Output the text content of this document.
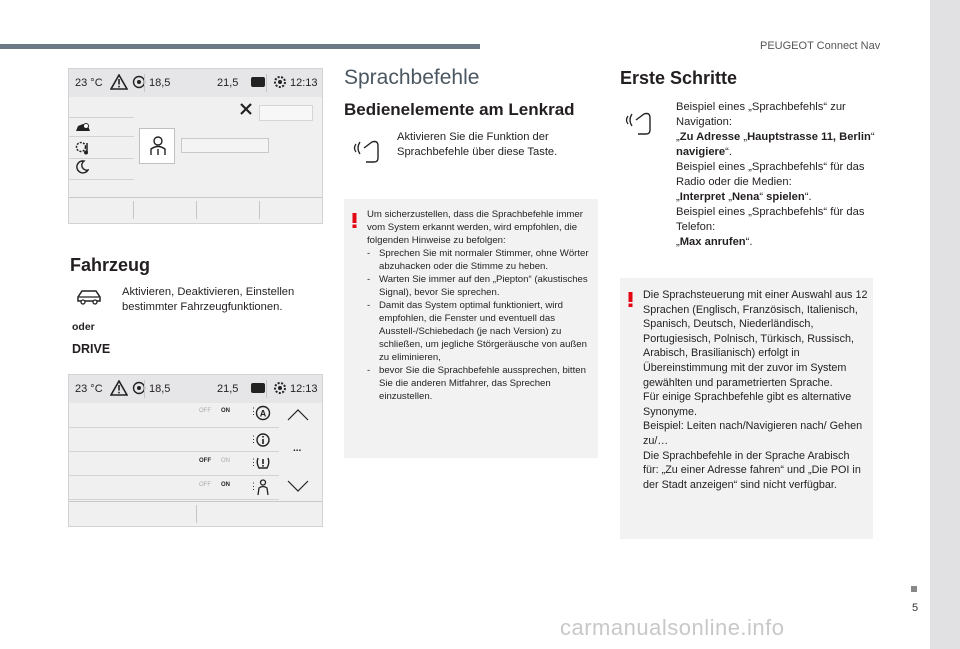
PEUGEOT Connect Nav
5
23 °C	18,5	21,5	12:13
Fahrzeug
Aktivieren, Deaktivieren, Einstellen bestimmter Fahrzeugfunktionen.
oder
DRIVE
23 °C	18,5	21,5	12:13
OFF ON ⋮ A
⋮
OFF ON ⋮
OFF ON ⋮
...
Sprachbefehle
Bedienelemente am Lenkrad
Aktivieren Sie die Funktion der Sprachbefehle über diese Taste.
Um sicherzustellen, dass die Sprachbefehle immer vom System erkannt werden, wird empfohlen, die folgenden Hinweise zu befolgen:
- Sprechen Sie mit normaler Stimmer, ohne Wörter abzuhacken oder die Stimme zu heben.
- Warten Sie immer auf den „Piepton“ (akustisches Signal), bevor Sie sprechen.
- Damit das System optimal funktioniert, wird empfohlen, die Fenster und eventuell das Ausstell-/Schiebedach (je nach Version) zu schließen, um jegliche Störgeräusche von außen zu eliminieren,
- bevor Sie die Sprachbefehle aussprechen, bitten Sie die anderen Mitfahrer, das Sprechen einzustellen.
Erste Schritte
Beispiel eines „Sprachbefehls“ zur Navigation:
„Zu Adresse „Hauptstrasse 11, Berlin“ navigiere“.
Beispiel eines „Sprachbefehls“ für das Radio oder die Medien:
„Interpret „Nena“ spielen“.
Beispiel eines „Sprachbefehls“ für das Telefon:
„Max anrufen“.
Die Sprachsteuerung mit einer Auswahl aus 12 Sprachen (Englisch, Französisch, Italienisch, Spanisch, Deutsch, Niederländisch, Portugiesisch, Polnisch, Türkisch, Russisch, Arabisch, Brasilianisch) erfolgt in Übereinstimmung mit der zuvor im System gewählten und parametrierten Sprache.
Für einige Sprachbefehle gibt es alternative Synonyme.
Beispiel: Leiten nach/Navigieren nach/ Gehen zu/…
Die Sprachbefehle in der Sprache Arabisch für: „Zu einer Adresse fahren“ und „Die POI in der Stadt anzeigen“ sind nicht verfügbar.
carmanualsonline.info
